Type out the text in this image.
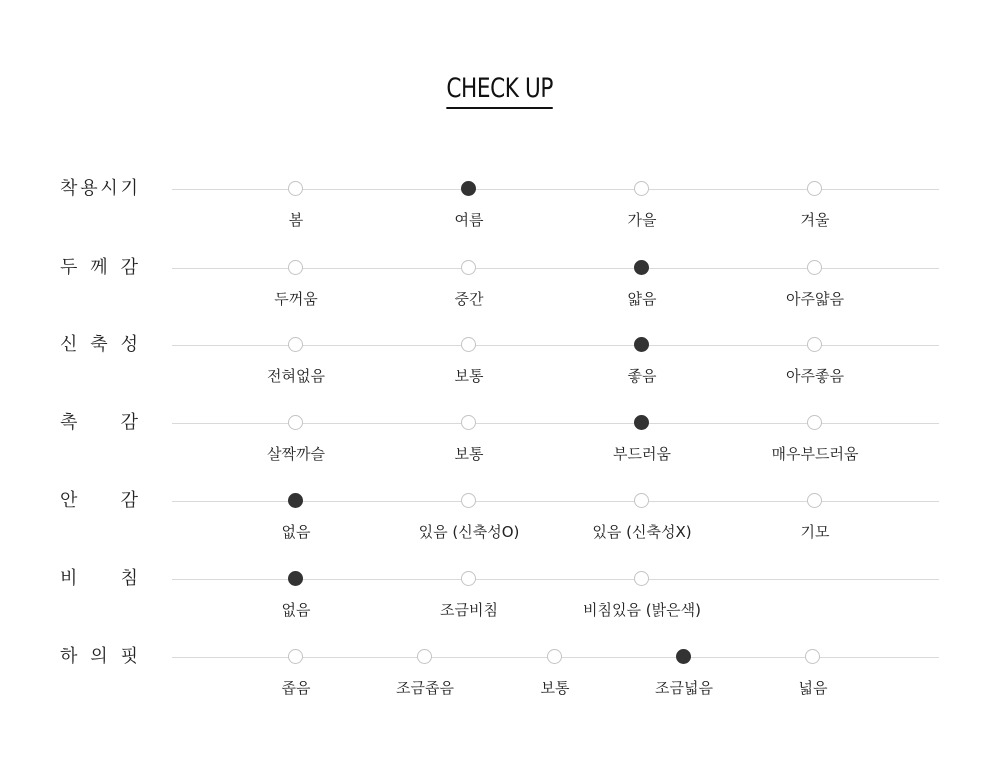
CHECK UP
착 용 시 기
봄	여름	가을	겨울
두 께 감
두꺼움	중간	얇음	아주얇음
신 축 성
전혀없음	보통	좋음	아주좋음
촉 감
살짝까슬	보통	부드러움	매우부드러움
안 감
없음	있음 (신축성O)	있음 (신축성X)	기모
비 침
없음	조금비침	비침있음 (밝은색)
하 의 핏
좁음	조금좁음	보통	조금넓음	넓음
